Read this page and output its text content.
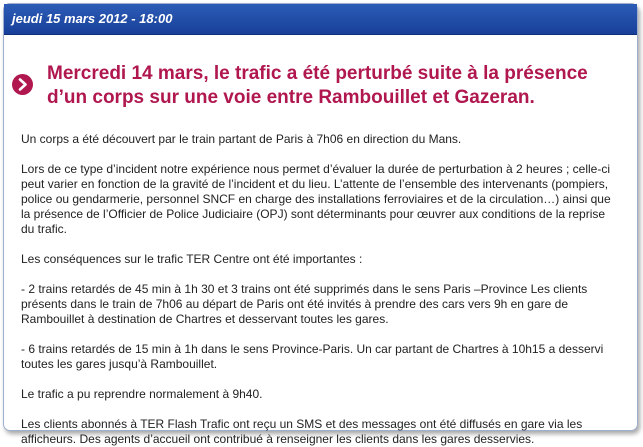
jeudi 15 mars 2012 - 18:00
Mercredi 14 mars, le trafic a été perturbé suite à la présence d’un corps sur une voie entre Rambouillet et Gazeran.

Un corps a été découvert par le train partant de Paris à 7h06 en direction du Mans.

Lors de ce type d’incident notre expérience nous permet d’évaluer la durée de perturbation à 2 heures ; celle-ci peut varier en fonction de la gravité de l’incident et du lieu. L’attente de l’ensemble des intervenants (pompiers, police ou gendarmerie, personnel SNCF en charge des installations ferroviaires et de la circulation…) ainsi que la présence de l’Officier de Police Judiciaire (OPJ) sont déterminants pour œuvrer aux conditions de la reprise du trafic.

Les conséquences sur le trafic TER Centre ont été importantes :

- 2 trains retardés de 45 min à 1h 30 et 3 trains ont été supprimés dans le sens Paris –Province Les clients présents dans le train de 7h06 au départ de Paris ont été invités à prendre des cars vers 9h en gare de Rambouillet à destination de Chartres et desservant toutes les gares.

- 6 trains retardés de 15 min à 1h dans le sens Province-Paris. Un car partant de Chartres à 10h15 a desservi toutes les gares jusqu’à Rambouillet.

Le trafic a pu reprendre normalement à 9h40.

Les clients abonnés à TER Flash Trafic ont reçu un SMS et des messages ont été diffusés en gare via les afficheurs. Des agents d’accueil ont contribué à renseigner les clients dans les gares desservies.
